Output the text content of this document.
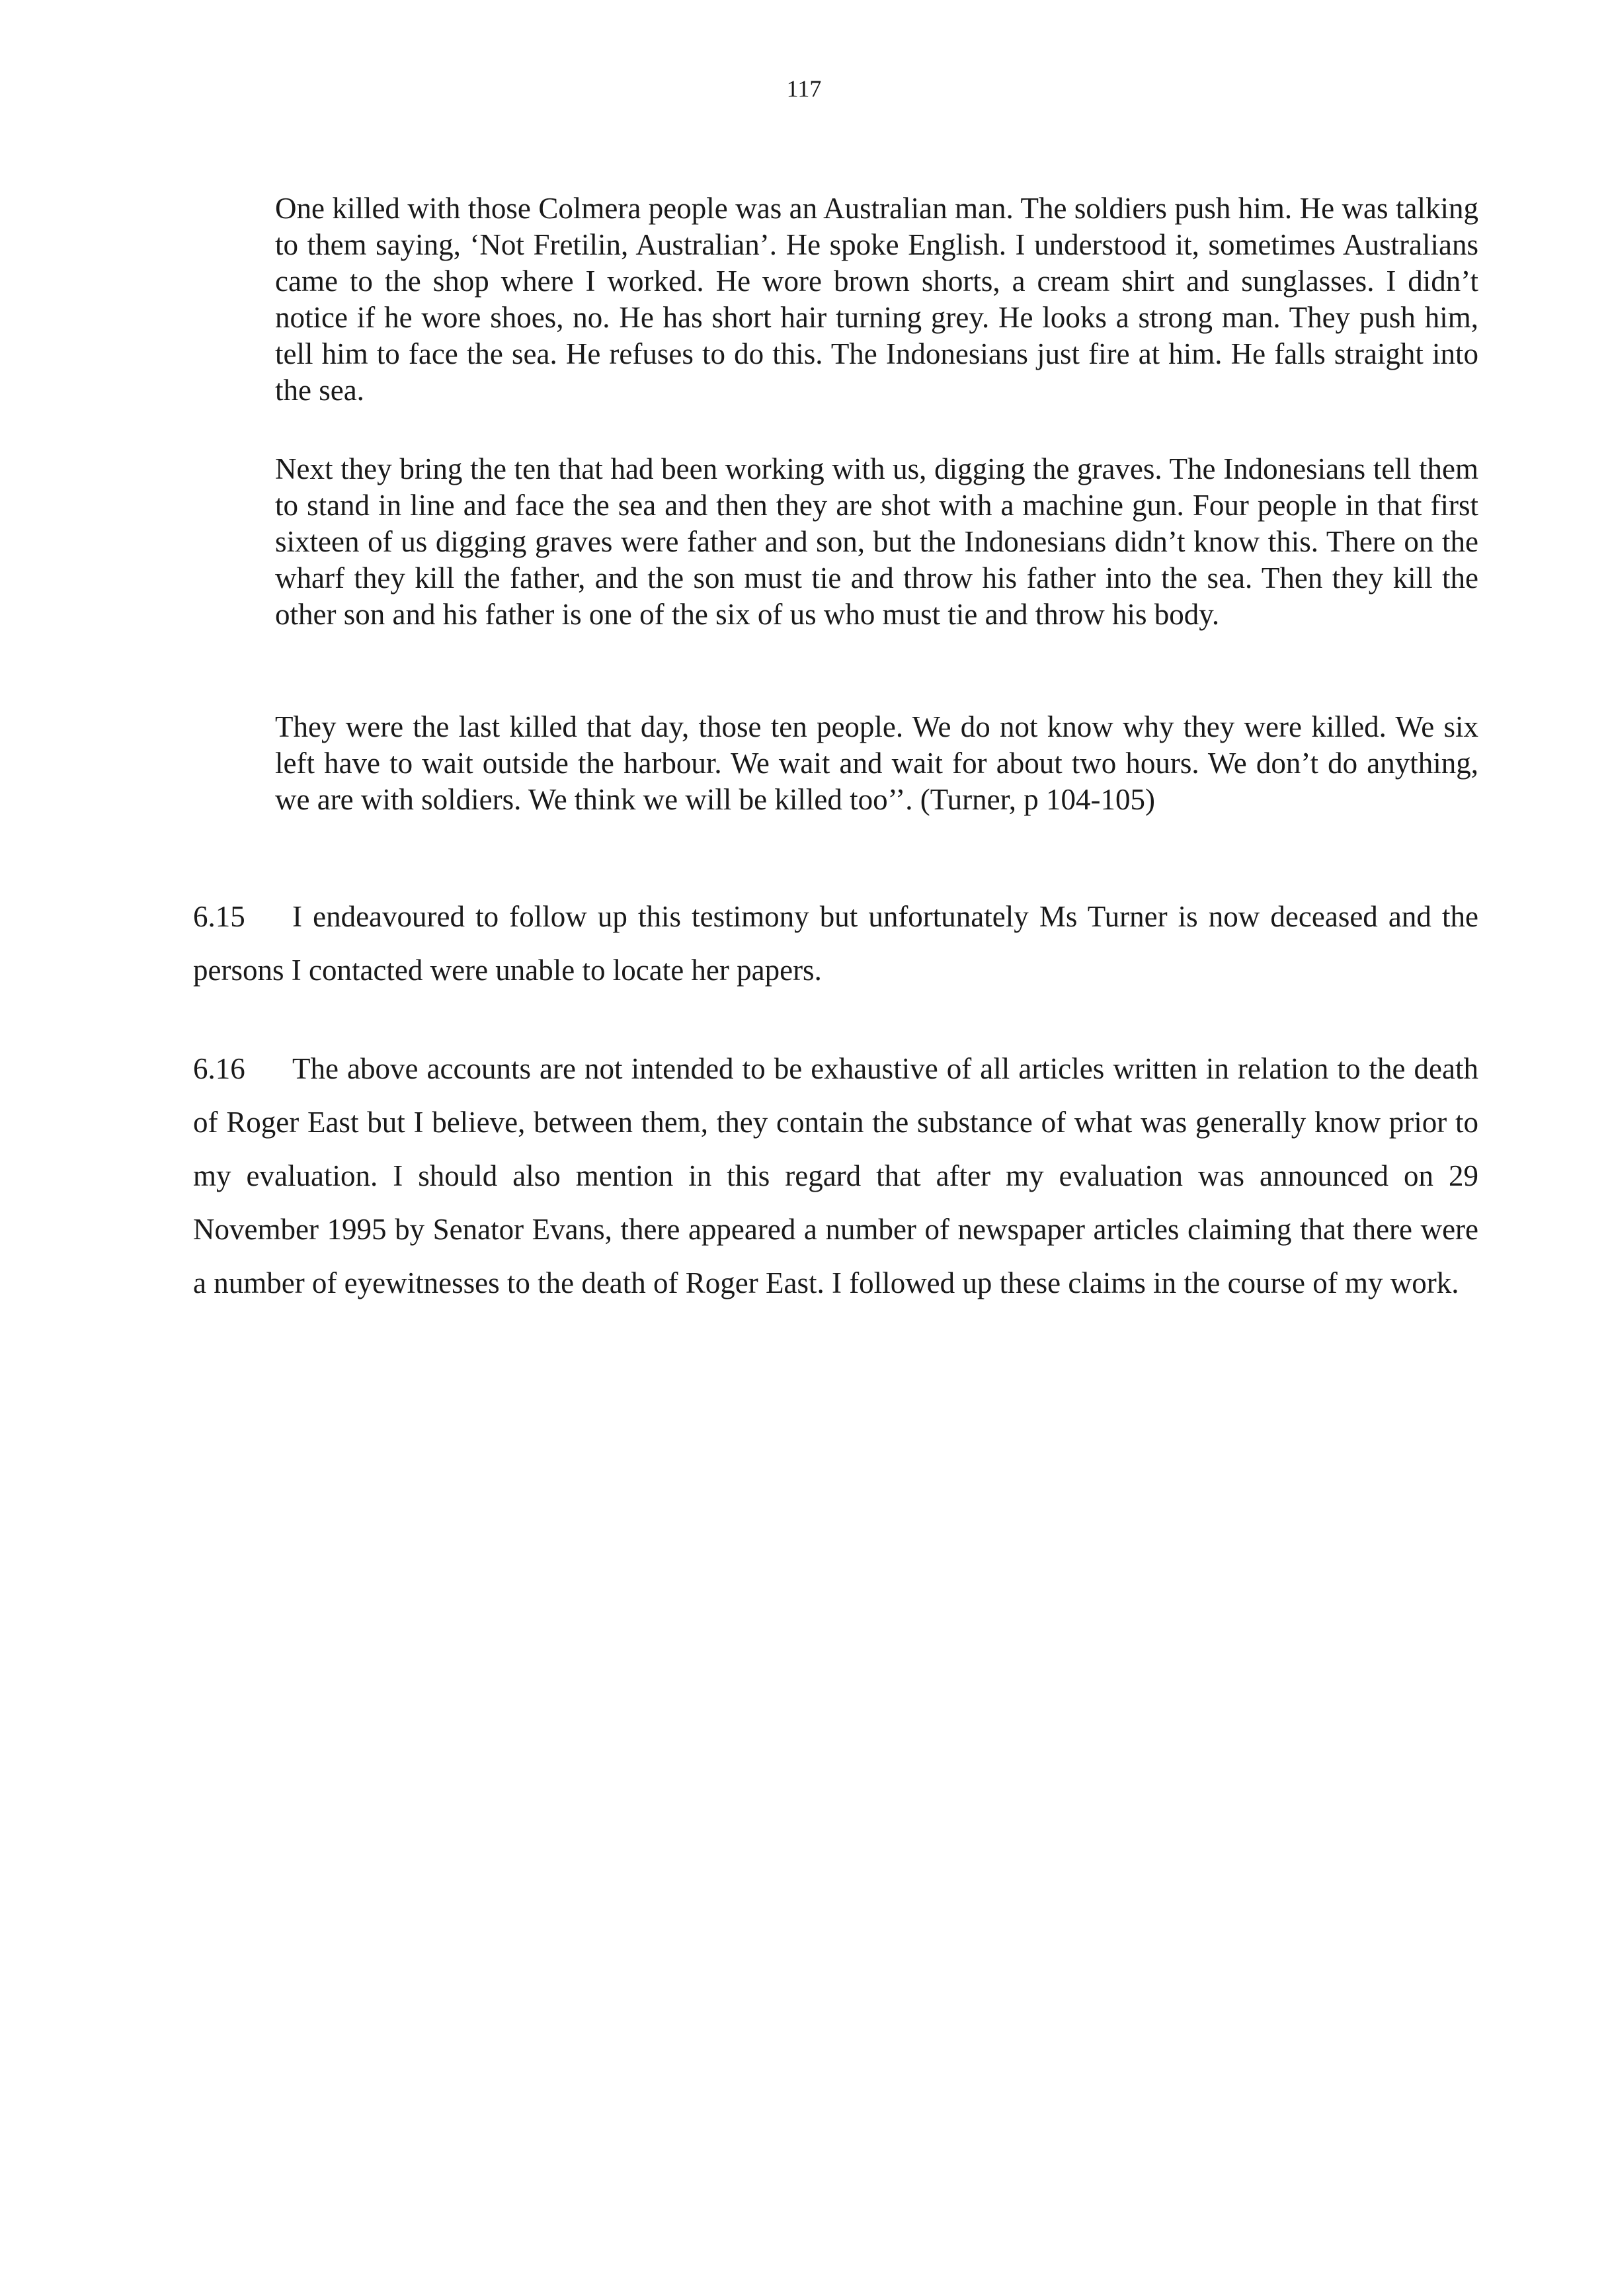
117

One killed with those Colmera people was an Australian man. The soldiers push him. He was talking to them saying, ‘Not Fretilin, Australian’. He spoke English. I understood it, sometimes Australians came to the shop where I worked. He wore brown shorts, a cream shirt and sunglasses. I didn’t notice if he wore shoes, no. He has short hair turning grey. He looks a strong man. They push him, tell him to face the sea. He refuses to do this. The Indonesians just fire at him. He falls straight into the sea.

Next they bring the ten that had been working with us, digging the graves. The Indonesians tell them to stand in line and face the sea and then they are shot with a machine gun. Four people in that first sixteen of us digging graves were father and son, but the Indonesians didn’t know this. There on the wharf they kill the father, and the son must tie and throw his father into the sea. Then they kill the other son and his father is one of the six of us who must tie and throw his body.

They were the last killed that day, those ten people. We do not know why they were killed. We six left have to wait outside the harbour. We wait and wait for about two hours. We don’t do anything, we are with soldiers. We think we will be killed too’’. (Turner, p 104-105)

6.15 I endeavoured to follow up this testimony but unfortunately Ms Turner is now deceased and the persons I contacted were unable to locate her papers.

6.16 The above accounts are not intended to be exhaustive of all articles written in relation to the death of Roger East but I believe, between them, they contain the substance of what was generally know prior to my evaluation. I should also mention in this regard that after my evaluation was announced on 29 November 1995 by Senator Evans, there appeared a number of newspaper articles claiming that there were a number of eyewitnesses to the death of Roger East. I followed up these claims in the course of my work.
